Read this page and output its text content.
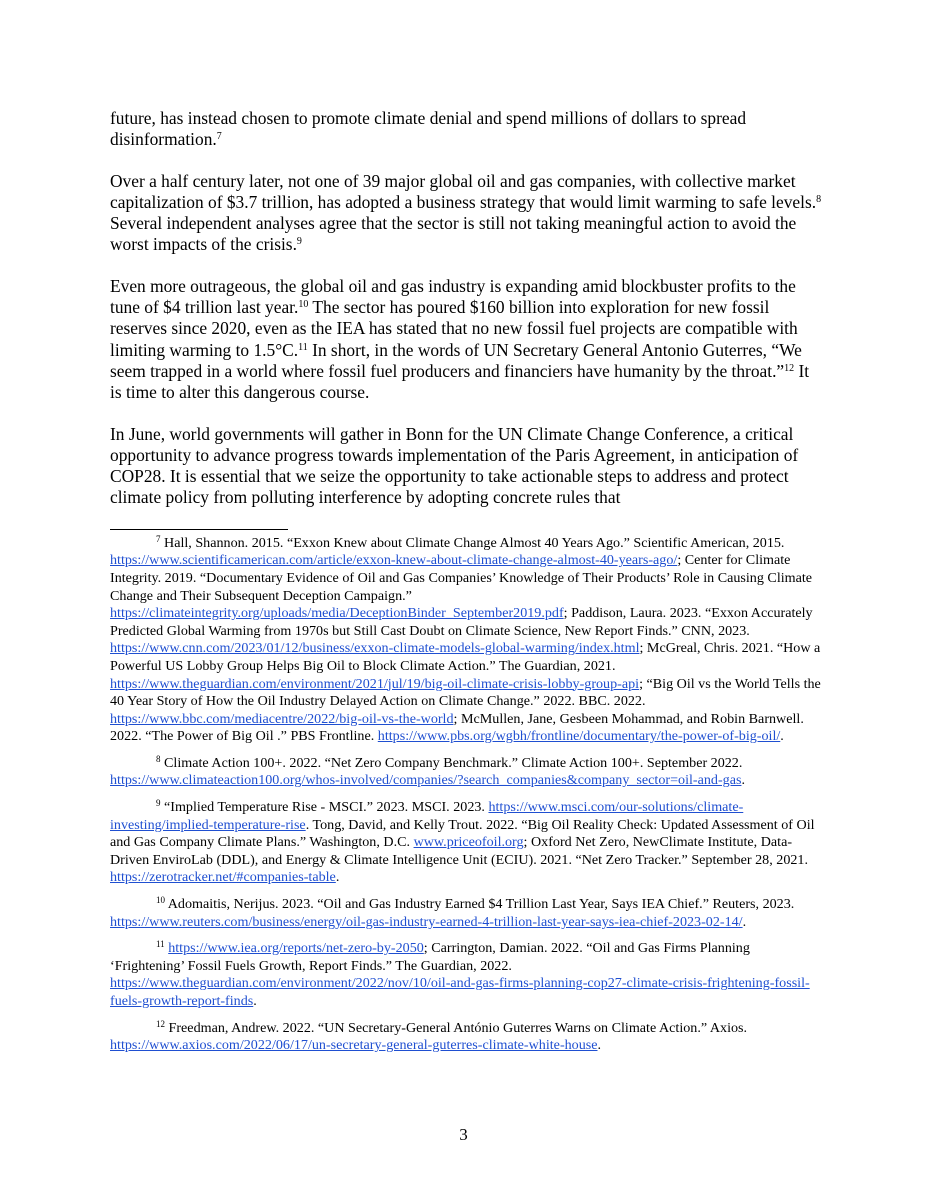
future, has instead chosen to promote climate denial and spend millions of dollars to spread disinformation.$^7$

Over a half century later, not one of 39 major global oil and gas companies, with collective market capitalization of $3.7 trillion, has adopted a business strategy that would limit warming to safe levels.$^8$ Several independent analyses agree that the sector is still not taking meaningful action to avoid the worst impacts of the crisis.$^9$

Even more outrageous, the global oil and gas industry is expanding amid blockbuster profits to the tune of $4 trillion last year.$^{10}$ The sector has poured $160 billion into exploration for new fossil reserves since 2020, even as the IEA has stated that no new fossil fuel projects are compatible with limiting warming to 1.5°C.$^{11}$ In short, in the words of UN Secretary General Antonio Guterres, “We seem trapped in a world where fossil fuel producers and financiers have humanity by the throat.”$^{12}$ It is time to alter this dangerous course.

In June, world governments will gather in Bonn for the UN Climate Change Conference, a critical opportunity to advance progress towards implementation of the Paris Agreement, in anticipation of COP28. It is essential that we seize the opportunity to take actionable steps to address and protect climate policy from polluting interference by adopting concrete rules that

$^7$ Hall, Shannon. 2015. “Exxon Knew about Climate Change Almost 40 Years Ago.” Scientific American, 2015. https://www.scientificamerican.com/article/exxon-knew-about-climate-change-almost-40-years-ago/; Center for Climate Integrity. 2019. “Documentary Evidence of Oil and Gas Companies’ Knowledge of Their Products’ Role in Causing Climate Change and Their Subsequent Deception Campaign.” https://climateintegrity.org/uploads/media/DeceptionBinder_September2019.pdf; Paddison, Laura. 2023. “Exxon Accurately Predicted Global Warming from 1970s but Still Cast Doubt on Climate Science, New Report Finds.” CNN, 2023. https://www.cnn.com/2023/01/12/business/exxon-climate-models-global-warming/index.html; McGreal, Chris. 2021. “How a Powerful US Lobby Group Helps Big Oil to Block Climate Action.” The Guardian, 2021. https://www.theguardian.com/environment/2021/jul/19/big-oil-climate-crisis-lobby-group-api; “Big Oil vs the World Tells the 40 Year Story of How the Oil Industry Delayed Action on Climate Change.” 2022. BBC. 2022. https://www.bbc.com/mediacentre/2022/big-oil-vs-the-world; McMullen, Jane, Gesbeen Mohammad, and Robin Barnwell. 2022. “The Power of Big Oil .” PBS Frontline. https://www.pbs.org/wgbh/frontline/documentary/the-power-of-big-oil/.

$^8$ Climate Action 100+. 2022. “Net Zero Company Benchmark.” Climate Action 100+. September 2022. https://www.climateaction100.org/whos-involved/companies/?search_companies&company_sector=oil-and-gas.

$^9$ “Implied Temperature Rise - MSCI.” 2023. MSCI. 2023. https://www.msci.com/our-solutions/climate-investing/implied-temperature-rise. Tong, David, and Kelly Trout. 2022. “Big Oil Reality Check: Updated Assessment of Oil and Gas Company Climate Plans.” Washington, D.C. www.priceofoil.org; Oxford Net Zero, NewClimate Institute, Data-Driven EnviroLab (DDL), and Energy & Climate Intelligence Unit (ECIU). 2021. “Net Zero Tracker.” September 28, 2021. https://zerotracker.net/#companies-table.

$^{10}$ Adomaitis, Nerijus. 2023. “Oil and Gas Industry Earned $4 Trillion Last Year, Says IEA Chief.” Reuters, 2023. https://www.reuters.com/business/energy/oil-gas-industry-earned-4-trillion-last-year-says-iea-chief-2023-02-14/.

$^{11}$ https://www.iea.org/reports/net-zero-by-2050; Carrington, Damian. 2022. “Oil and Gas Firms Planning ‘Frightening’ Fossil Fuels Growth, Report Finds.” The Guardian, 2022. https://www.theguardian.com/environment/2022/nov/10/oil-and-gas-firms-planning-cop27-climate-crisis-frightening-fossil-fuels-growth-report-finds.

$^{12}$ Freedman, Andrew. 2022. “UN Secretary-General António Guterres Warns on Climate Action.” Axios. https://www.axios.com/2022/06/17/un-secretary-general-guterres-climate-white-house.

3
